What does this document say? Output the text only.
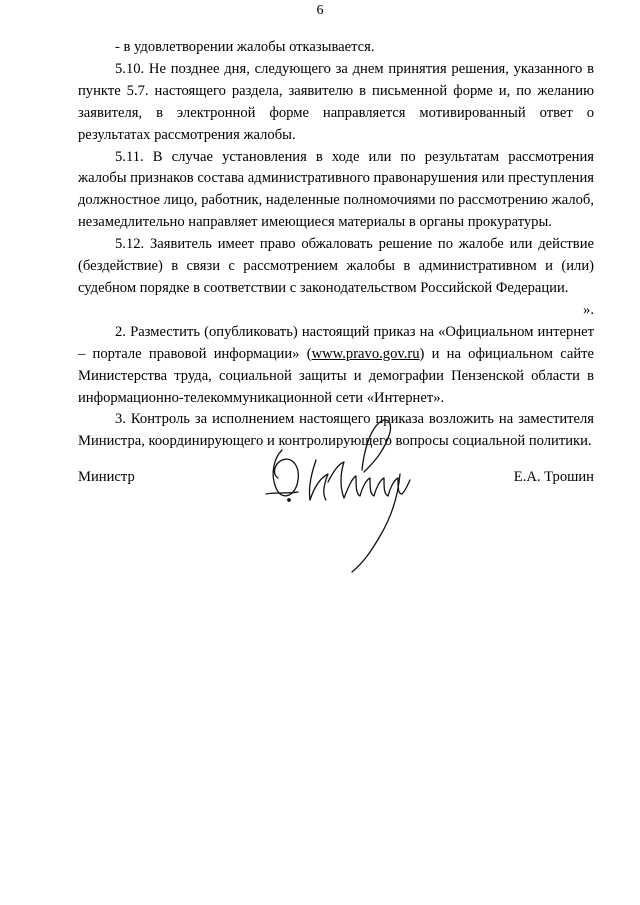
6

- в удовлетворении жалобы отказывается.

5.10. Не позднее дня, следующего за днем принятия решения, указанного в пункте 5.7. настоящего раздела, заявителю в письменной форме и, по желанию заявителя, в электронной форме направляется мотивированный ответ о результатах рассмотрения жалобы.

5.11. В случае установления в ходе или по результатам рассмотрения жалобы признаков состава административного правонарушения или преступления должностное лицо, работник, наделенные полномочиями по рассмотрению жалоб, незамедлительно направляет имеющиеся материалы в органы прокуратуры.

5.12. Заявитель имеет право обжаловать решение по жалобе или действие (бездействие) в связи с рассмотрением жалобы в административном и (или) судебном порядке в соответствии с законодательством Российской Федерации.

».

2. Разместить (опубликовать) настоящий приказ на «Официальном интернет – портале правовой информации» (www.pravo.gov.ru) и на официальном сайте Министерства труда, социальной защиты и демографии Пензенской области в информационно-телекоммуникационной сети «Интернет».

3. Контроль за исполнением настоящего приказа возложить на заместителя Министра, координирующего и контролирующего вопросы социальной политики.

Министр	Е.А. Трошин
